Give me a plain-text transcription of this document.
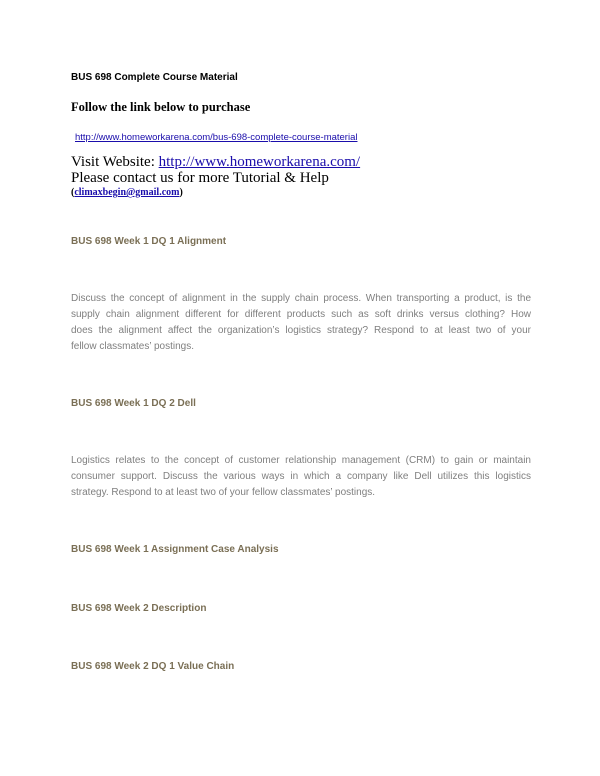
BUS 698 Complete Course Material

Follow the link below to purchase

http://www.homeworkarena.com/bus-698-complete-course-material

Visit Website: http://www.homeworkarena.com/

Please contact us for more Tutorial & Help

(climaxbegin@gmail.com)

BUS 698 Week 1 DQ 1 Alignment

Discuss the concept of alignment in the supply chain process. When transporting a product, is the
supply chain alignment different for different products such as soft drinks versus clothing? How
does the alignment affect the organization’s logistics strategy? Respond to at least two of your
fellow classmates’ postings.

BUS 698 Week 1 DQ 2 Dell

Logistics relates to the concept of customer relationship management (CRM) to gain or maintain
consumer support. Discuss the various ways in which a company like Dell utilizes this logistics
strategy. Respond to at least two of your fellow classmates’ postings.

BUS 698 Week 1 Assignment Case Analysis

BUS 698 Week 2 Description

BUS 698 Week 2 DQ 1 Value Chain
